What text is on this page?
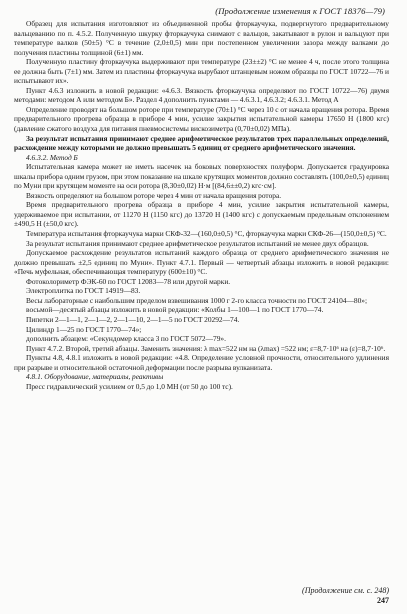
(Продолжение изменения к ГОСТ 18376—79)

Образец для испытания изготовляют из объединенной пробы фторкаучука, подвергнутого предварительному вальцеванию по п. 4.5.2. Полученную шкурку фторкаучука снимают с вальцов, закатывают в рулон и вальцуют при температуре валков (50±5) °С в течение (2,0±0,5) мин при постепенном увеличении зазора между валками до получения пластины толщиной (6±1) мм.

Полученную пластину фторкаучука выдерживают при температуре (23±±2) °С не менее 4 ч, после этого толщина ее должна быть (7±1) мм. Затем из пластины фторкаучука вырубают штанцевым ножом образцы по ГОСТ 10722—76 и испытывают их».

Пункт 4.6.3 изложить в новой редакции: «4.6.3. Вязкость фторкаучука определяют по ГОСТ 10722—76) двумя методами: методом А или методом Б». Раздел 4 дополнить пунктами — 4.6.3.1, 4.6.3.2; 4.6.3.1. Метод А

Определение проводят на большом роторе при температуре (70±1) °С через 10 с от начала вращения ротора. Время предварительного прогрева образца в приборе 4 мин, усилие закрытия испытательной камеры 17650 Н (1800 кгс) (давление сжатого воздуха для питания пневмосистемы вискозиметра (0,70±0,02) МПа).

За результат испытания принимают среднее арифметическое результатов трех параллельных определений, расхождение между которыми не должно превышать 5 единиц от среднего арифметического значения.

4.6.3.2. Метод Б

Испытательная камера может не иметь насечек на боковых поверхностях полуформ. Допускается градуировка шкалы прибора одним грузом, при этом показание на шкале крутящих моментов должно составлять (100,0±0,5) единиц по Муни при крутящем моменте на оси ротора (8,30±0,02) Н·м [(84,6±±0,2) кгс·см].

Вязкость определяют на большом роторе через 4 мин от начала вращения ротора.

Время предварительного прогрева образца в приборе 4 мин, усилие закрытия испытательной камеры, удерживаемое при испытании, от 11270 Н (1150 кгс) до 13720 Н (1400 кгс) с допускаемым предельным отклонением ±490,5 Н (±50,0 кгс).

Температура испытания фторкаучука марки СКФ-32—(160,0±0,5) °С, фторкаучука марки СКФ-26—(150,0±0,5) °С.

За результат испытания принимают среднее арифметическое результатов испытаний не менее двух образцов.

Допускаемое расхождение результатов испытаний каждого образца от среднего арифметического значения не должно превышать ±2,5 единиц по Муни». Пункт 4.7.1. Первый — четвертый абзацы изложить в новой редакции: «Печь муфельная, обеспечивающая температуру (600±10) °С.

Фотоколориметр ФЭК-60 по ГОСТ 12083—78 или другой марки.

Электроплитка по ГОСТ 14919—83.

Весы лабораторные с наибольшим пределом взвешивания 1000 г 2-го класса точности по ГОСТ 24104—80»;

восьмой—десятый абзацы изложить в новой редакции: «Колбы 1—100—1 по ГОСТ 1770—74.

Пипетки 2—1—1, 2—1—2, 2—1—10, 2—1—5 по ГОСТ 20292—74.

Цилиндр 1—25 по ГОСТ 1770—74»;

дополнить абзацем: «Секундомер класса 3 по ГОСТ 5072—79».

Пункт 4.7.2. Второй, третий абзацы. Заменить значения: λ max=522 нм на (λmax) =522 нм; ε=8,7·10⁶ на (ε)=8,7·10⁶.

Пункты 4.8, 4.8.1 изложить в новой редакции: «4.8. Определение условной прочности, относительного удлинения при разрыве и относительной остаточной деформации после разрыва вулканизата.

4.8.1. Оборудование, материалы, реактивы

Пресс гидравлический усилием от 0,5 до 1,0 МН (от 50 до 100 тс).

(Продолжение см. с. 248)
247
